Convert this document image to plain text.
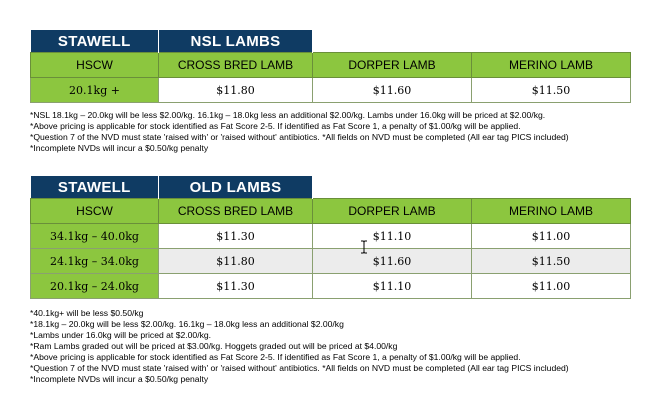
STAWELL	NSL LAMBS		
HSCW	CROSS BRED LAMB	DORPER LAMB	MERINO LAMB
20.1kg +	$11.80	$11.60	$11.50
*NSL 18.1kg – 20.0kg will be less $2.00/kg. 16.1kg – 18.0kg less an additional $2.00/kg. Lambs under 16.0kg will be priced at $2.00/kg.
*Above pricing is applicable for stock identified as Fat Score 2-5. If identified as Fat Score 1, a penalty of $1.00/kg will be applied.
*Question 7 of the NVD must state 'raised with' or 'raised without' antibiotics. *All fields on NVD must be completed (All ear tag PICS included)
*Incomplete NVDs will incur a $0.50/kg penalty
STAWELL	OLD LAMBS		
HSCW	CROSS BRED LAMB	DORPER LAMB	MERINO LAMB
34.1kg – 40.0kg	$11.30	$11.10	$11.00
24.1kg – 34.0kg	$11.80	$11.60	$11.50
20.1kg – 24.0kg	$11.30	$11.10	$11.00
*40.1kg+ will be less $0.50/kg
*18.1kg – 20.0kg will be less $2.00/kg. 16.1kg – 18.0kg less an additional $2.00/kg
*Lambs under 16.0kg will be priced at $2.00/kg.
*Ram Lambs graded out will be priced at $3.00/kg. Hoggets graded out will be priced at $4.00/kg
*Above pricing is applicable for stock identified as Fat Score 2-5. If identified as Fat Score 1, a penalty of $1.00/kg will be applied.
*Question 7 of the NVD must state 'raised with' or 'raised without' antibiotics. *All fields on NVD must be completed (All ear tag PICS included)
*Incomplete NVDs will incur a $0.50/kg penalty
